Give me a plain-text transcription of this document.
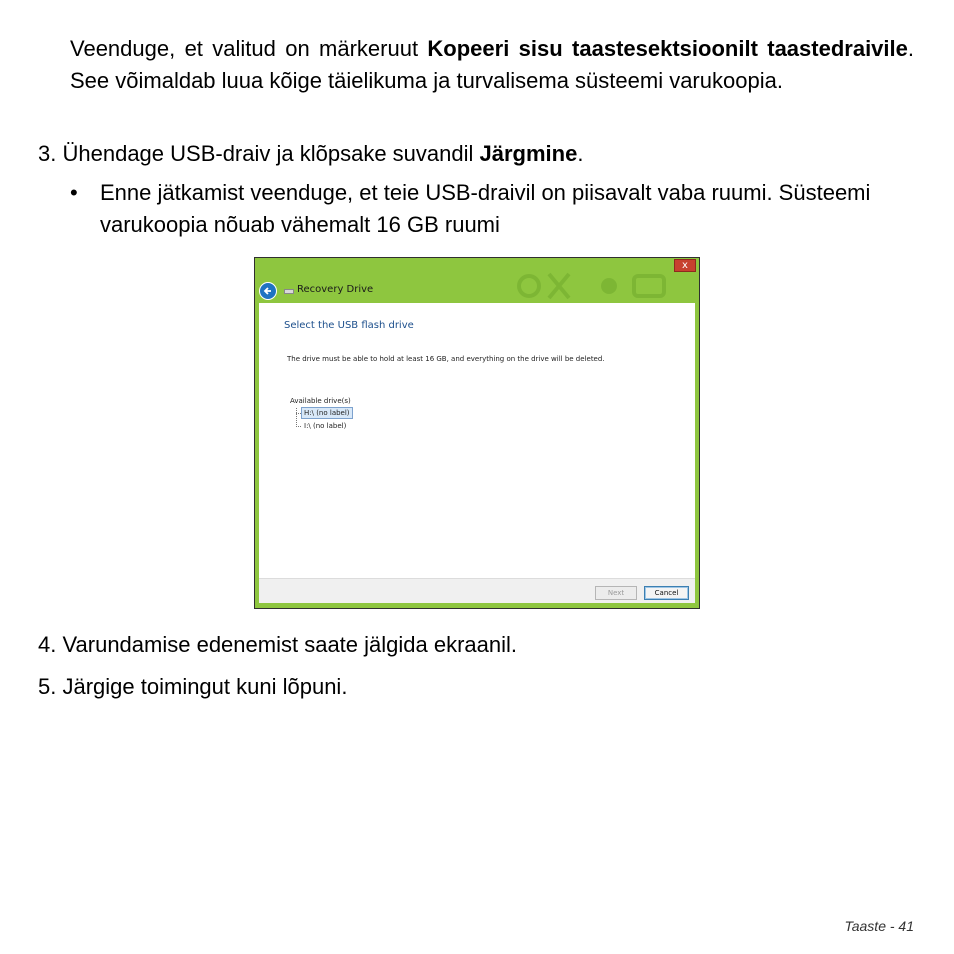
Veenduge, et valitud on märkeruut Kopeeri sisu taastesektsioonilt taastedraivile. See võimaldab luua kõige täielikuma ja turvalisema süsteemi varukoopia.
3. Ühendage USB-draiv ja klõpsake suvandil Järgmine.
• Enne jätkamist veenduge, et teie USB-draivil on piisavalt vaba ruumi. Süsteemi varukoopia nõuab vähemalt 16 GB ruumi
x
Recovery Drive
Select the USB flash drive
The drive must be able to hold at least 16 GB, and everything on the drive will be deleted.
Available drive(s)
H:\ (no label)
I:\ (no label)
Next	Cancel
4. Varundamise edenemist saate jälgida ekraanil.
5. Järgige toimingut kuni lõpuni.
Taaste - 41
